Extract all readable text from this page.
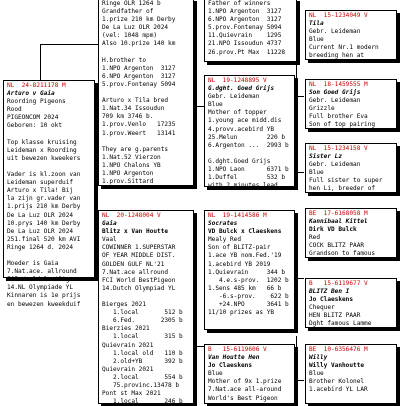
NL  24-8211178 M
Arturo v Gaia
Roording Pigeons
Rood
PIGEONCOM 2024
Geboren: 10 okt

Top klasse kruising
Leideman x Roording
uit bewezen kweekers

Vader is kl.zoon van
Leideman superduif
Arturo x Tila! Bij
la zijn gr.vader van
1.prijs 210 km Derby
De La Luz OLR 2024
10.prys 140 km Derby
De La Luz OLR 2024
251.final 520 km AVI
Ringe 1264 d. 2024

Moeder is Gaia
7.Nat.ace. allround
FCI World BestPigeon
14.NL Olympiade YL
Kinnaren is 1e prijs
en bewezen kweekduif
Ringe OLR 1264 b
Grandfather of
1.prize 210 km Derby
De La Luz OLR 2024
(vel: 1048 mpm)
Also 10.prize 140 km

H.brother to
1.NPO Argenton  3127
6.NPO Argenton  3127
5.prov.Fontenay 5094

Arturo x Tila bred
1.Nat.34 Issoudun
709 km 3746 b.
1.prov.Venlo   17235
1.prov.Weert   13141

They are g.parents
1.Nat.52 Vierzon
1.NPO Chalons YB
1.NPO Argenton
1.prov.Sittard
Father of winners
1.NPO Argenton  3127
6.NPO Argenton  3127
5.prov.Fontenay 5094
11.Quievrain    1295
21.NPO Issoudun 4737
26.prov.Pt Max  11228
NL  15-1234049 V
Tila
Gebr. Leideman
Blue
Current Nr.1 modern
breeding hen at
NL  19-1248895 V
G.dght. Goed Grijs
Gebr. Leideman
Blue
Mother of topper
1.young ace midd.dis
4.provv.acebird YB
25.Melun        220 b
6.Argenton ...  2993 b

G.dght.Goed Grijs
1.NPO Laon      6371 b
1.Duffel        532 b
with 2 minutes lead
NL  18-1459555 M
Son Goed Grijs
Gebr. Leideman
Grizzle
Full brother Eva
Son of top pairing
NL  15-1234158 V
Sister Lz
Gebr. Leideman
Blue
Full sister to super
hen Li, breeder of
NL  20-1248004 V
Gaia
Blitz x Van Houtte
Vaal
COWINNER 1.SUPERSTAR
OF YEAR MIDDLE DIST.
GOLDEN GULF NL'21
7.Nat.ace allround
FCI World BestPigeon
14.Dutch Olympiad YL

Bierges 2021
1.local       512 b
6.Fed.       2305 b
Bierzies 2021
1.local       315 b
Quievrain 2021
1.local old   110 b
2.old+YB      392 b
Quievrain 2021
2.local       554 b
75.provinc.13478 b
Pont st Max 2021
1.local       246 b
NL  19-1414586 M
Socrates
VD Bulck x Claeskens
Mealy Red
Son of BLITZ-pair
1.ace YB nom.Fed.'19
1.acebird YB 2019
1.Quievrain     344 b
4.e.s-prov.  1202 b
1.Sens 485 km   66 b
-6.s-prov.    622 b
+24.NPO      3641 b
11/10 prizes as YB
BE  17-6168058 M
Kannibaal Kittel
Dirk VD Bulck
Red
COCK BLITZ PAAR
Grandson to famous
B   15-6119677 V
BLITZ Ben I
Jo Claeskens
Chequer
HEN BLITZ PAAR
Dght famous Lamme
B   15-6119606 V
Van Houtte Hen
Jo Claeskens
Blue
Mother of 9x 1.prize
7.Nat.ace all-around
World's Best Pigeon
BE  10-6356476 M
Willy
Willy Vanhoutte
Blue
Brother Kolonel
1.acebird YL LAR
